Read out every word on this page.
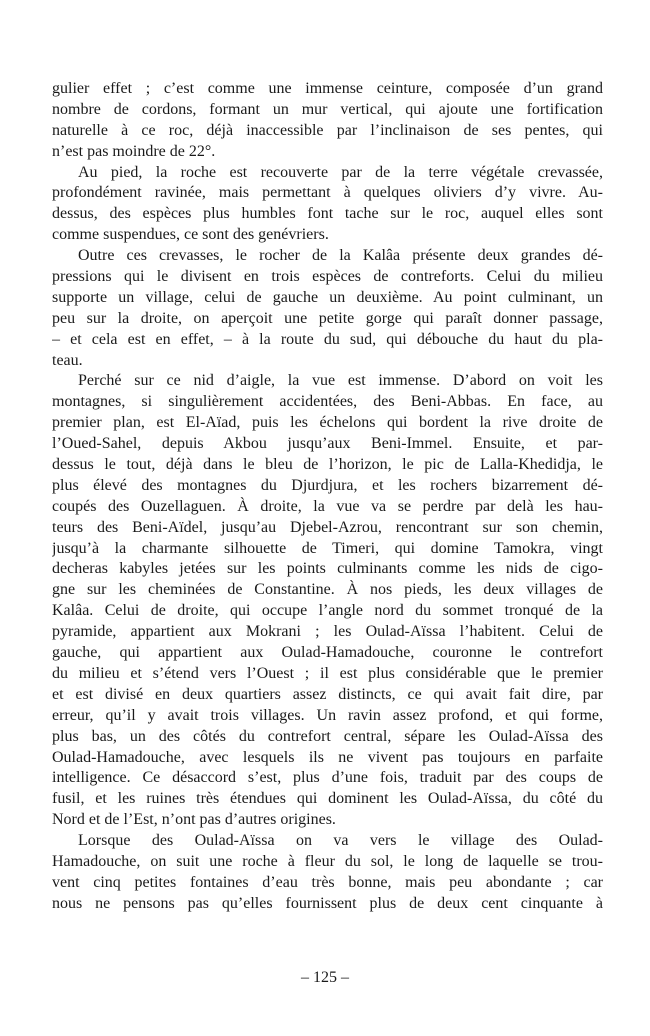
gulier effet ; c’est comme une immense ceinture, composée d’un grand
nombre de cordons, formant un mur vertical, qui ajoute une fortification
naturelle à ce roc, déjà inaccessible par l’inclinaison de ses pentes, qui
n’est pas moindre de 22°.
Au pied, la roche est recouverte par de la terre végétale crevassée,
profondément ravinée, mais permettant à quelques oliviers d’y vivre. Au-
dessus, des espèces plus humbles font tache sur le roc, auquel elles sont
comme suspendues, ce sont des genévriers.
Outre ces crevasses, le rocher de la Kalâa présente deux grandes dé-
pressions qui le divisent en trois espèces de contreforts. Celui du milieu
supporte un village, celui de gauche un deuxième. Au point culminant, un
peu sur la droite, on aperçoit une petite gorge qui paraît donner passage,
– et cela est en effet, – à la route du sud, qui débouche du haut du pla-
teau.
Perché sur ce nid d’aigle, la vue est immense. D’abord on voit les
montagnes, si singulièrement accidentées, des Beni-Abbas. En face, au
premier plan, est El-Aïad, puis les échelons qui bordent la rive droite de
l’Oued-Sahel, depuis Akbou jusqu’aux Beni-Immel. Ensuite, et par-
dessus le tout, déjà dans le bleu de l’horizon, le pic de Lalla-Khedidja, le
plus élevé des montagnes du Djurdjura, et les rochers bizarrement dé-
coupés des Ouzellaguen. À droite, la vue va se perdre par delà les hau-
teurs des Beni-Aïdel, jusqu’au Djebel-Azrou, rencontrant sur son chemin,
jusqu’à la charmante silhouette de Timeri, qui domine Tamokra, vingt
decheras kabyles jetées sur les points culminants comme les nids de cigo-
gne sur les cheminées de Constantine. À nos pieds, les deux villages de
Kalâa. Celui de droite, qui occupe l’angle nord du sommet tronqué de la
pyramide, appartient aux Mokrani ; les Oulad-Aïssa l’habitent. Celui de
gauche, qui appartient aux Oulad-Hamadouche, couronne le contrefort
du milieu et s’étend vers l’Ouest ; il est plus considérable que le premier
et est divisé en deux quartiers assez distincts, ce qui avait fait dire, par
erreur, qu’il y avait trois villages. Un ravin assez profond, et qui forme,
plus bas, un des côtés du contrefort central, sépare les Oulad-Aïssa des
Oulad-Hamadouche, avec lesquels ils ne vivent pas toujours en parfaite
intelligence. Ce désaccord s’est, plus d’une fois, traduit par des coups de
fusil, et les ruines très étendues qui dominent les Oulad-Aïssa, du côté du
Nord et de l’Est, n’ont pas d’autres origines.
Lorsque des Oulad-Aïssa on va vers le village des Oulad-
Hamadouche, on suit une roche à fleur du sol, le long de laquelle se trou-
vent cinq petites fontaines d’eau très bonne, mais peu abondante ; car
nous ne pensons pas qu’elles fournissent plus de deux cent cinquante à
– 125 –
